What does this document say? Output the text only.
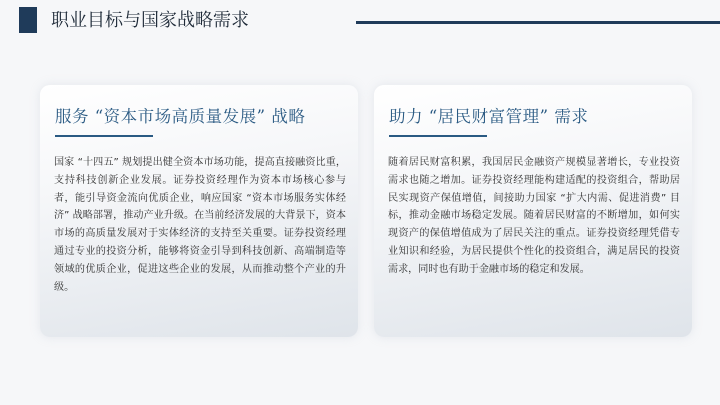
职业目标与国家战略需求
服务 “资本市场高质量发展” 战略
国家 “十四五” 规划提出健全资本市场功能，提高直接融资比重，支持科技创新企业发展。证券投资经理作为资本市场核心参与者，能引导资金流向优质企业，响应国家 “资本市场服务实体经济” 战略部署，推动产业升级。在当前经济发展的大背景下，资本市场的高质量发展对于实体经济的支持至关重要。证券投资经理通过专业的投资分析，能够将资金引导到科技创新、高端制造等领域的优质企业，促进这些企业的发展，从而推动整个产业的升级。
助力 “居民财富管理” 需求
随着居民财富积累，我国居民金融资产规模显著增长，专业投资需求也随之增加。证券投资经理能构建适配的投资组合，帮助居民实现资产保值增值，间接助力国家 “扩大内需、促进消费” 目标，推动金融市场稳定发展。随着居民财富的不断增加，如何实现资产的保值增值成为了居民关注的重点。证券投资经理凭借专业知识和经验，为居民提供个性化的投资组合，满足居民的投资需求，同时也有助于金融市场的稳定和发展。
